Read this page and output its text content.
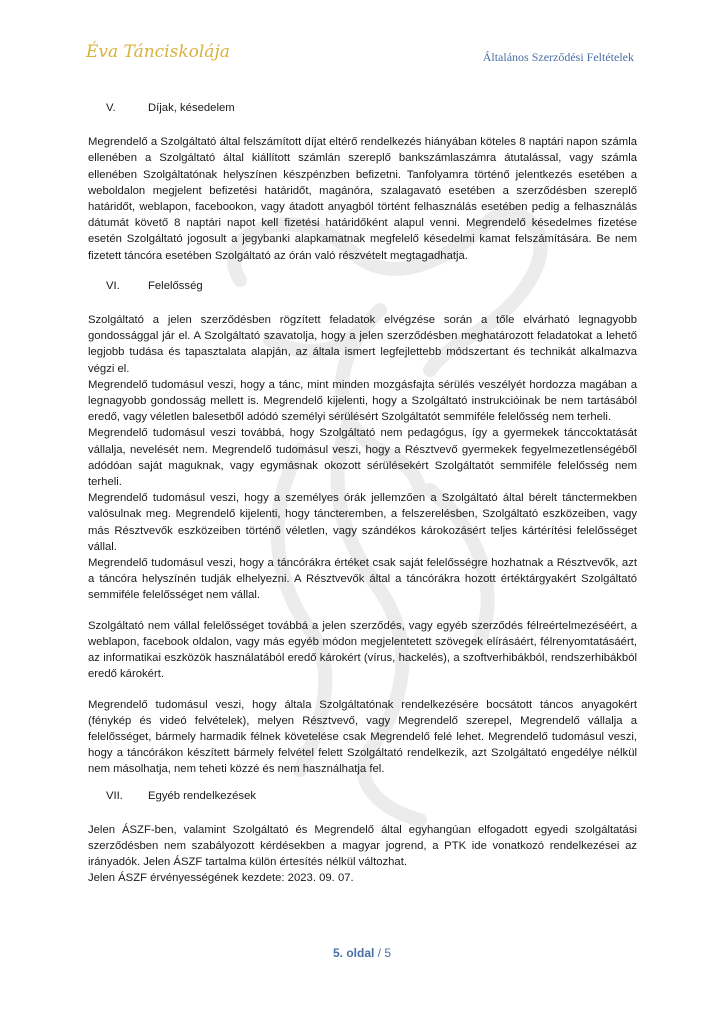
Éva Tánciskolája	Általános Szerződési Feltételek
V.	Díjak, késedelem

Megrendelő a Szolgáltató által felszámított díjat eltérő rendelkezés hiányában köteles 8 naptári napon számla ellenében a Szolgáltató által kiállított számlán szereplő bankszámlaszámra átutalással, vagy számla ellenében Szolgáltatónak helyszínen készpénzben befizetni. Tanfolyamra történő jelentkezés esetében a weboldalon megjelent befizetési határidőt, magánóra, szalagavató esetében a szerződésben szereplő határidőt, weblapon, facebookon, vagy átadott anyagból történt felhasználás esetében pedig a felhasználás dátumát követő 8 naptári napot kell fizetési határidőként alapul venni. Megrendelő késedelmes fizetése esetén Szolgáltató jogosult a jegybanki alapkamatnak megfelelő késedelmi kamat felszámítására. Be nem fizetett táncóra esetében Szolgáltató az órán való részvételt megtagadhatja.

VI.	Felelősség

Szolgáltató a jelen szerződésben rögzített feladatok elvégzése során a tőle elvárható legnagyobb gondossággal jár el. A Szolgáltató szavatolja, hogy a jelen szerződésben meghatározott feladatokat a lehető legjobb tudása és tapasztalata alapján, az általa ismert legfejlettebb módszertant és technikát alkalmazva végzi el.

Megrendelő tudomásul veszi, hogy a tánc, mint minden mozgásfajta sérülés veszélyét hordozza magában a legnagyobb gondosság mellett is. Megrendelő kijelenti, hogy a Szolgáltató instrukcióinak be nem tartásából eredő, vagy véletlen balesetből adódó személyi sérülésért Szolgáltatót semmiféle felelősség nem terheli.

Megrendelő tudomásul veszi továbbá, hogy Szolgáltató nem pedagógus, így a gyermekek tánccoktatását vállalja, nevelését nem. Megrendelő tudomásul veszi, hogy a Résztvevő gyermekek fegyelmezetlenségéből adódóan saját maguknak, vagy egymásnak okozott sérülésekért Szolgáltatót semmiféle felelősség nem terheli.

Megrendelő tudomásul veszi, hogy a személyes órák jellemzően a Szolgáltató által bérelt tánctermekben valósulnak meg. Megrendelő kijelenti, hogy táncteremben, a felszerelésben, Szolgáltató eszközeiben, vagy más Résztvevők eszközeiben történő véletlen, vagy szándékos károkozásért teljes kártérítési felelősséget vállal.

Megrendelő tudomásul veszi, hogy a táncórákra értéket csak saját felelősségre hozhatnak a Résztvevők, azt a táncóra helyszínén tudják elhelyezni. A Résztvevők által a táncórákra hozott értéktárgyakért Szolgáltató semmiféle felelősséget nem vállal.

Szolgáltató nem vállal felelősséget továbbá a jelen szerződés, vagy egyéb szerződés félreértelmezéséért, a weblapon, facebook oldalon, vagy más egyéb módon megjelentetett szövegek elírásáért, félrenyomtatásáért, az informatikai eszközök használatából eredő károkért (vírus, hackelés), a szoftverhibákból, rendszerhibákból eredő károkért.

Megrendelő tudomásul veszi, hogy általa Szolgáltatónak rendelkezésére bocsátott táncos anyagokért (fénykép és videó felvételek), melyen Résztvevő, vagy Megrendelő szerepel, Megrendelő vállalja a felelősséget, bármely harmadik félnek követelése csak Megrendelő felé lehet. Megrendelő tudomásul veszi, hogy a táncórákon készített bármely felvétel felett Szolgáltató rendelkezik, azt Szolgáltató engedélye nélkül nem másolhatja, nem teheti közzé és nem használhatja fel.

VII.	Egyéb rendelkezések

Jelen ÁSZF-ben, valamint Szolgáltató és Megrendelő által egyhangúan elfogadott egyedi szolgáltatási szerződésben nem szabályozott kérdésekben a magyar jogrend, a PTK ide vonatkozó rendelkezései az irányadók. Jelen ÁSZF tartalma külön értesítés nélkül változhat.

Jelen ÁSZF érvényességének kezdete: 2023. 09. 07.

5. oldal / 5
